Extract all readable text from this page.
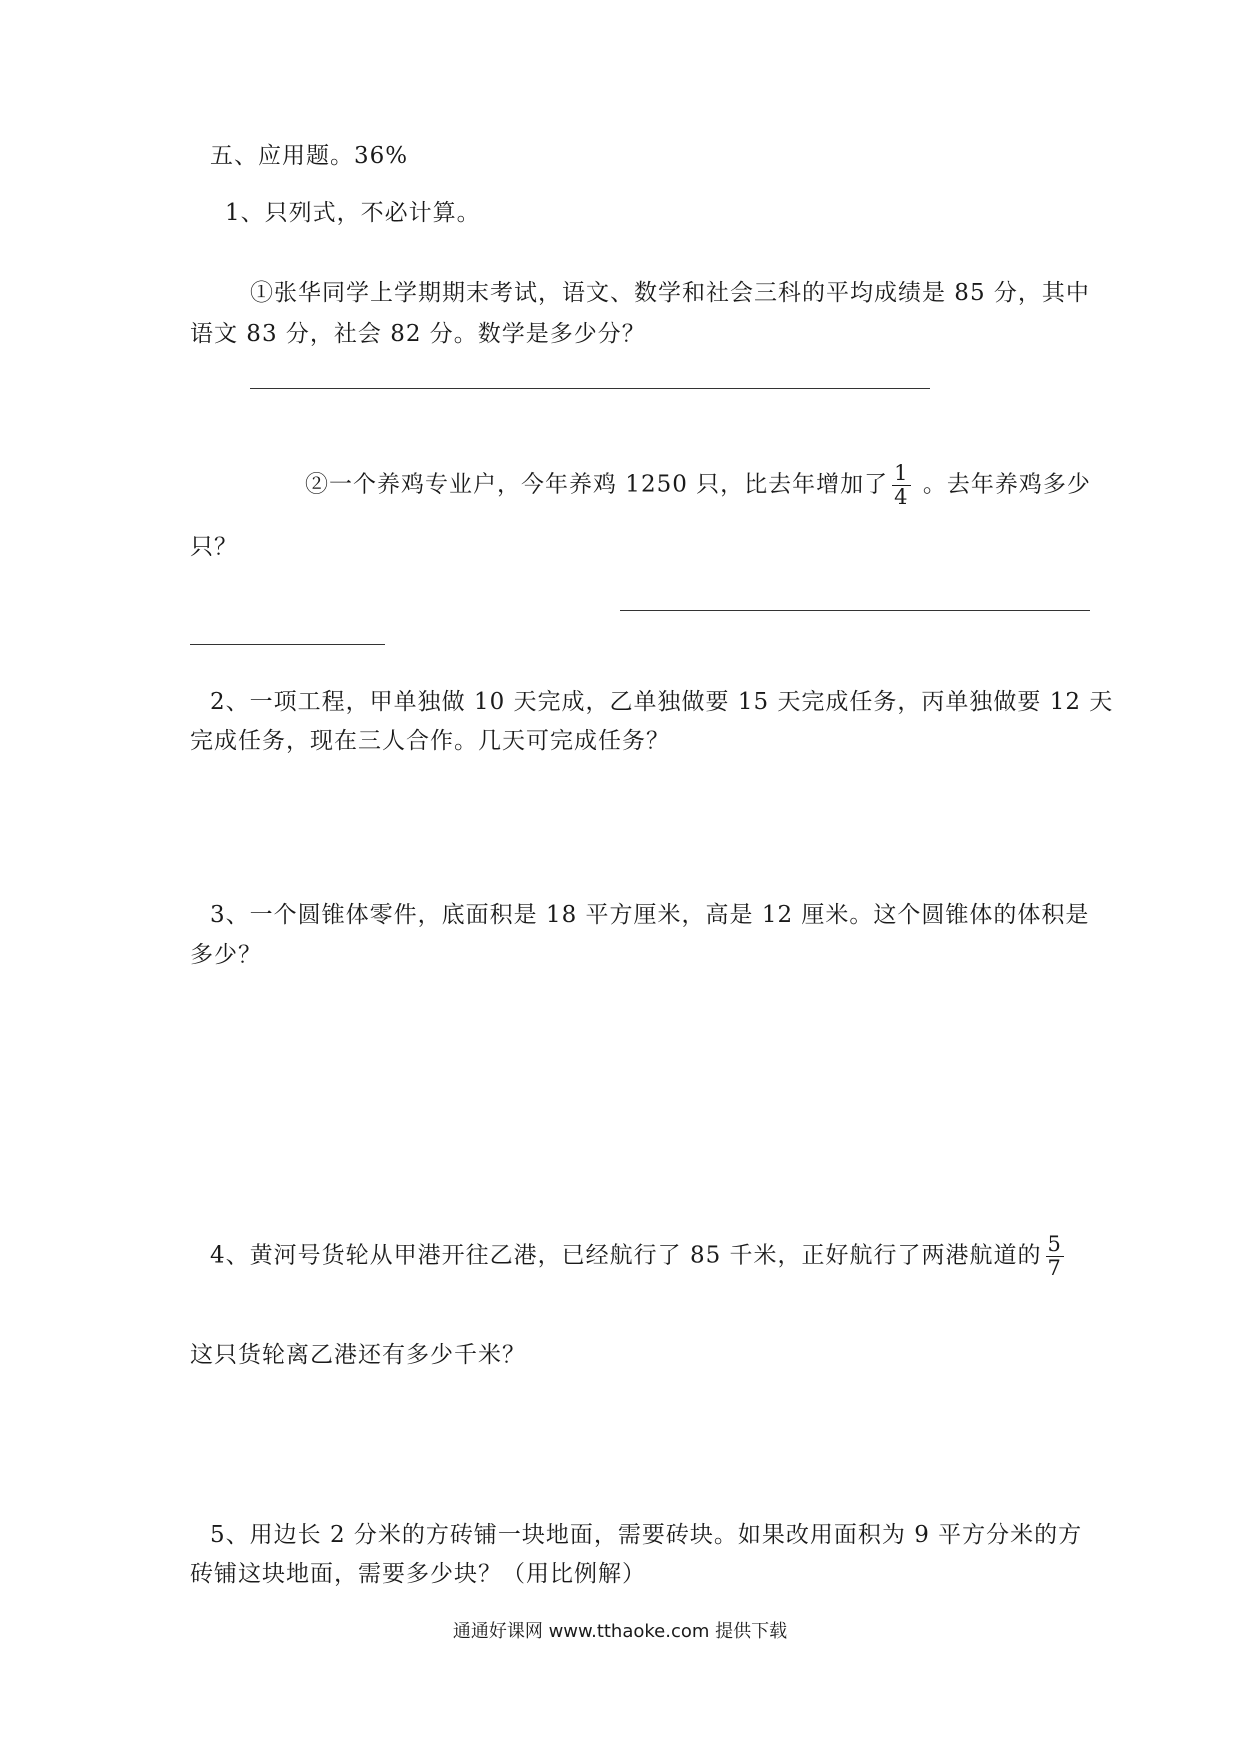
五、应用题。36%
1、只列式，不必计算。
①张华同学上学期期末考试，语文、数学和社会三科的平均成绩是 85 分，其中
语文 83 分，社会 82 分。数学是多少分？
②一个养鸡专业户，今年养鸡 1250 只，比去年增加了 $\frac{1}{4}$ 。去年养鸡多少
只？
2、一项工程，甲单独做 10 天完成，乙单独做要 15 天完成任务，丙单独做要 12 天
完成任务，现在三人合作。几天可完成任务？
3、一个圆锥体零件，底面积是 18 平方厘米，高是 12 厘米。这个圆锥体的体积是
多少？
4、黄河号货轮从甲港开往乙港，已经航行了 85 千米，正好航行了两港航道的 $\frac{5}{7}$
这只货轮离乙港还有多少千米？
5、用边长 2 分米的方砖铺一块地面，需要砖块。如果改用面积为 9 平方分米的方
砖铺这块地面，需要多少块？（用比例解）
通通好课网 www.tthaoke.com 提供下载
